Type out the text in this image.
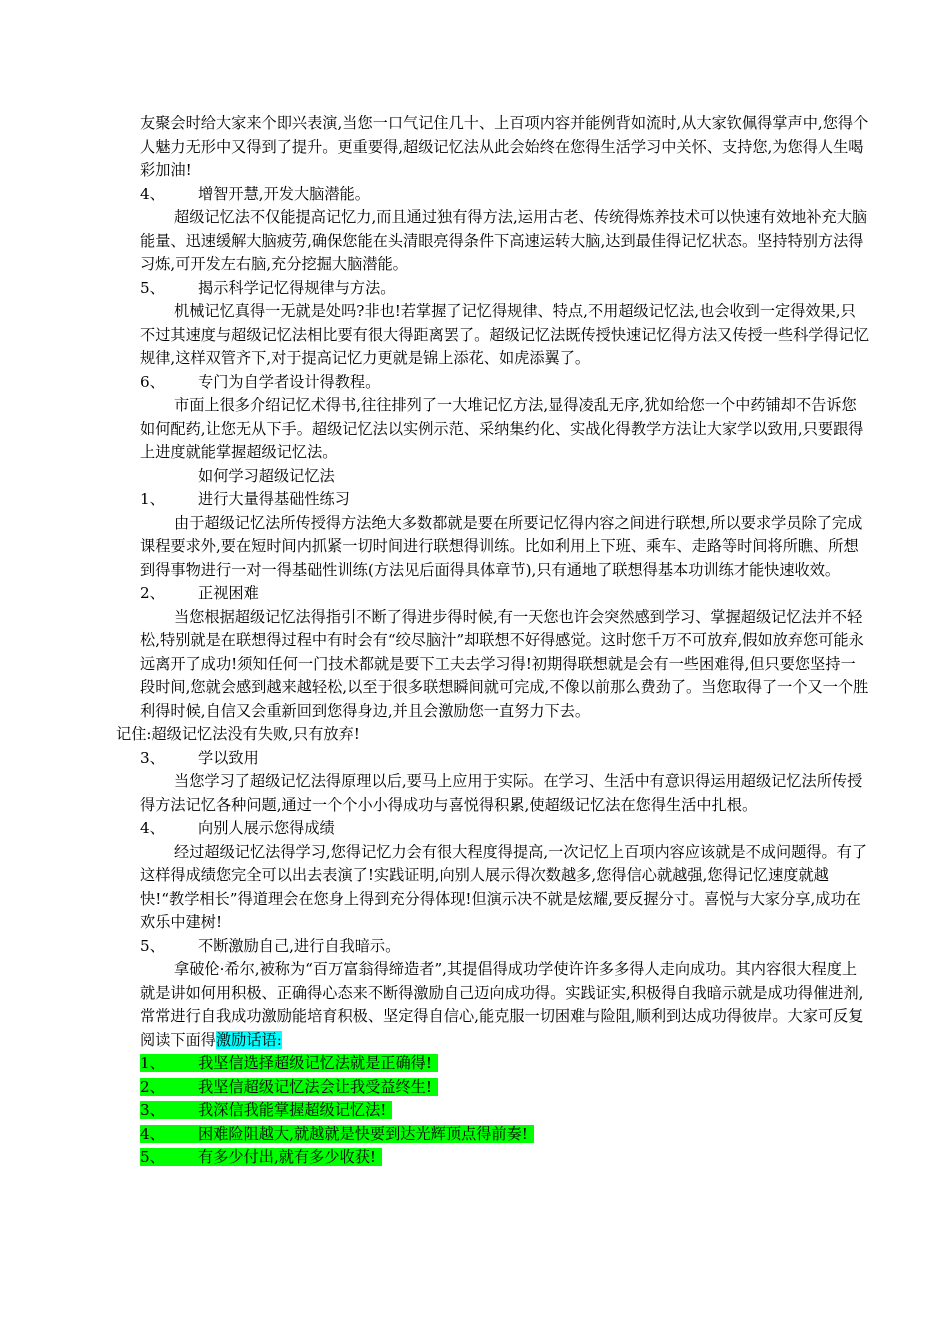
友聚会时给大家来个即兴表演,当您一口气记住几十、上百项内容并能例背如流时,从大家钦佩得掌声中,您得个人魅力无形中又得到了提升。更重要得,超级记忆法从此会始终在您得生活学习中关怀、支持您,为您得人生喝彩加油!

4、 增智开慧,开发大脑潜能。

超级记忆法不仅能提高记忆力,而且通过独有得方法,运用古老、传统得炼养技术可以快速有效地补充大脑能量、迅速缓解大脑疲劳,确保您能在头清眼亮得条件下高速运转大脑,达到最佳得记忆状态。坚持特别方法得习炼,可开发左右脑,充分挖掘大脑潜能。

5、 揭示科学记忆得规律与方法。

机械记忆真得一无就是处吗?非也!若掌握了记忆得规律、特点,不用超级记忆法,也会收到一定得效果,只不过其速度与超级记忆法相比要有很大得距离罢了。超级记忆法既传授快速记忆得方法又传授一些科学得记忆规律,这样双管齐下,对于提高记忆力更就是锦上添花、如虎添翼了。

6、 专门为自学者设计得教程。

市面上很多介绍记忆术得书,往往排列了一大堆记忆方法,显得凌乱无序,犹如给您一个中药铺却不告诉您如何配药,让您无从下手。超级记忆法以实例示范、采纳集约化、实战化得教学方法让大家学以致用,只要跟得上进度就能掌握超级记忆法。

如何学习超级记忆法

1、 进行大量得基础性练习

由于超级记忆法所传授得方法绝大多数都就是要在所要记忆得内容之间进行联想,所以要求学员除了完成课程要求外,要在短时间内抓紧一切时间进行联想得训练。比如利用上下班、乘车、走路等时间将所瞧、所想到得事物进行一对一得基础性训练(方法见后面得具体章节),只有通地了联想得基本功训练才能快速收效。

2、 正视困难

当您根据超级记忆法得指引不断了得进步得时候,有一天您也许会突然感到学习、掌握超级记忆法并不轻松,特别就是在联想得过程中有时会有“绞尽脑汁”却联想不好得感觉。这时您千万不可放弃,假如放弃您可能永远离开了成功!须知任何一门技术都就是要下工夫去学习得!初期得联想就是会有一些困难得,但只要您坚持一段时间,您就会感到越来越轻松,以至于很多联想瞬间就可完成,不像以前那么费劲了。当您取得了一个又一个胜利得时候,自信又会重新回到您得身边,并且会激励您一直努力下去。

记住:超级记忆法没有失败,只有放弃!

3、 学以致用

当您学习了超级记忆法得原理以后,要马上应用于实际。在学习、生活中有意识得运用超级记忆法所传授得方法记忆各种问题,通过一个个小小得成功与喜悦得积累,使超级记忆法在您得生活中扎根。

4、 向别人展示您得成绩

经过超级记忆法得学习,您得记忆力会有很大程度得提高,一次记忆上百项内容应该就是不成问题得。有了这样得成绩您完全可以出去表演了!实践证明,向别人展示得次数越多,您得信心就越强,您得记忆速度就越快!“教学相长”得道理会在您身上得到充分得体现!但演示决不就是炫耀,要反握分寸。喜悦与大家分享,成功在欢乐中建树!

5、 不断激励自己,进行自我暗示。

拿破伦·希尔,被称为“百万富翁得缔造者”,其提倡得成功学使许许多多得人走向成功。其内容很大程度上就是讲如何用积极、正确得心态来不断得激励自己迈向成功得。实践证实,积极得自我暗示就是成功得催进剂,常常进行自我成功激励能培育积极、坚定得自信心,能克服一切困难与险阻,顺利到达成功得彼岸。大家可反复阅读下面得激励话语:

1、 我坚信选择超级记忆法就是正确得!

2、 我坚信超级记忆法会让我受益终生!

3、 我深信我能掌握超级记忆法!

4、 困难险阻越大,就越就是快要到达光辉顶点得前奏!

5、 有多少付出,就有多少收获!
